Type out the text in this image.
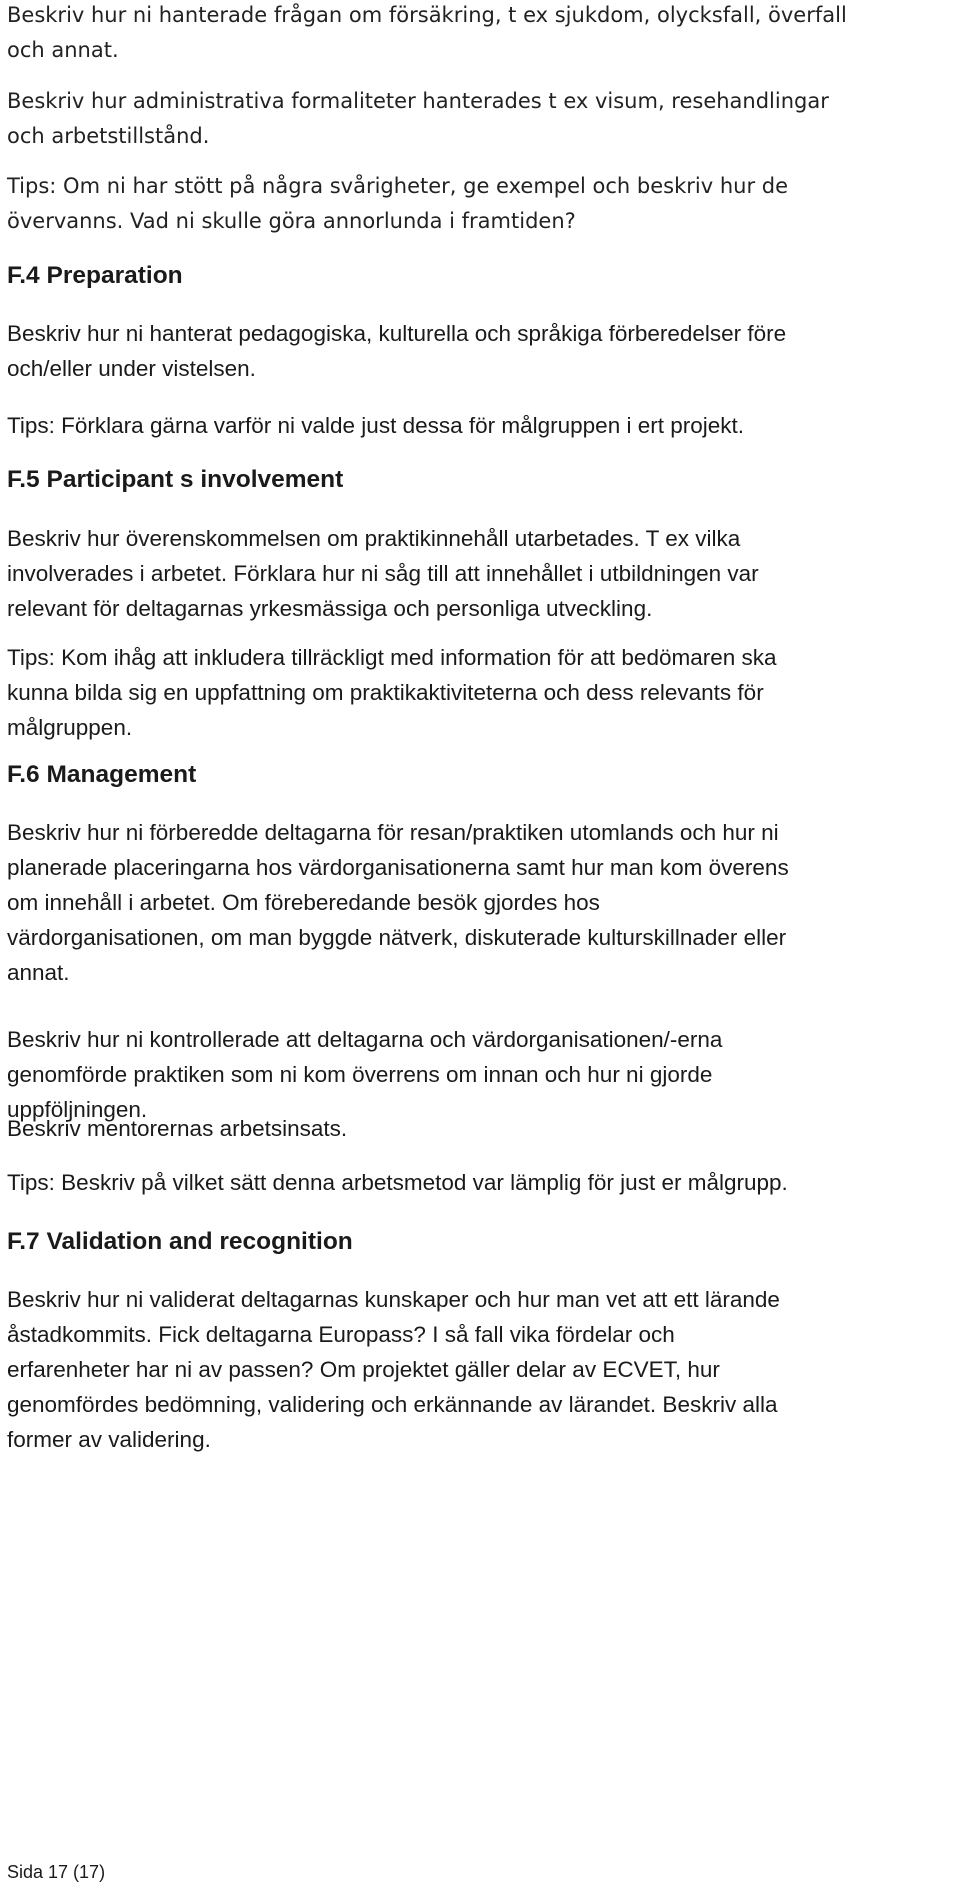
Beskriv hur ni hanterade frågan om försäkring, t ex sjukdom, olycksfall, överfall
och annat.

Beskriv hur administrativa formaliteter hanterades t ex visum, resehandlingar
och arbetstillstånd.

Tips: Om ni har stött på några svårigheter, ge exempel och beskriv hur de
övervanns. Vad ni skulle göra annorlunda i framtiden?

F.4 Preparation

Beskriv hur ni hanterat pedagogiska, kulturella och språkiga förberedelser före
och/eller under vistelsen.

Tips: Förklara gärna varför ni valde just dessa för målgruppen i ert projekt.

F.5 Participant s involvement

Beskriv hur överenskommelsen om praktikinnehåll utarbetades. T ex vilka
involverades i arbetet. Förklara hur ni såg till att innehållet i utbildningen var
relevant för deltagarnas yrkesmässiga och personliga utveckling.

Tips: Kom ihåg att inkludera tillräckligt med information för att bedömaren ska
kunna bilda sig en uppfattning om praktikaktiviteterna och dess relevants för
målgruppen.

F.6 Management

Beskriv hur ni förberedde deltagarna för resan/praktiken utomlands och hur ni
planerade placeringarna hos värdorganisationerna samt hur man kom överens
om innehåll i arbetet. Om föreberedande besök gjordes hos
värdorganisationen, om man byggde nätverk, diskuterade kulturskillnader eller
annat.

Beskriv hur ni kontrollerade att deltagarna och värdorganisationen/-erna
genomförde praktiken som ni kom överrens om innan och hur ni gjorde
uppföljningen.

Beskriv mentorernas arbetsinsats.

Tips: Beskriv på vilket sätt denna arbetsmetod var lämplig för just er målgrupp.

F.7 Validation and recognition

Beskriv hur ni validerat deltagarnas kunskaper och hur man vet att ett lärande
åstadkommits. Fick deltagarna Europass? I så fall vika fördelar och
erfarenheter har ni av passen? Om projektet gäller delar av ECVET, hur
genomfördes bedömning, validering och erkännande av lärandet. Beskriv alla
former av validering.

Sida 17 (17)
